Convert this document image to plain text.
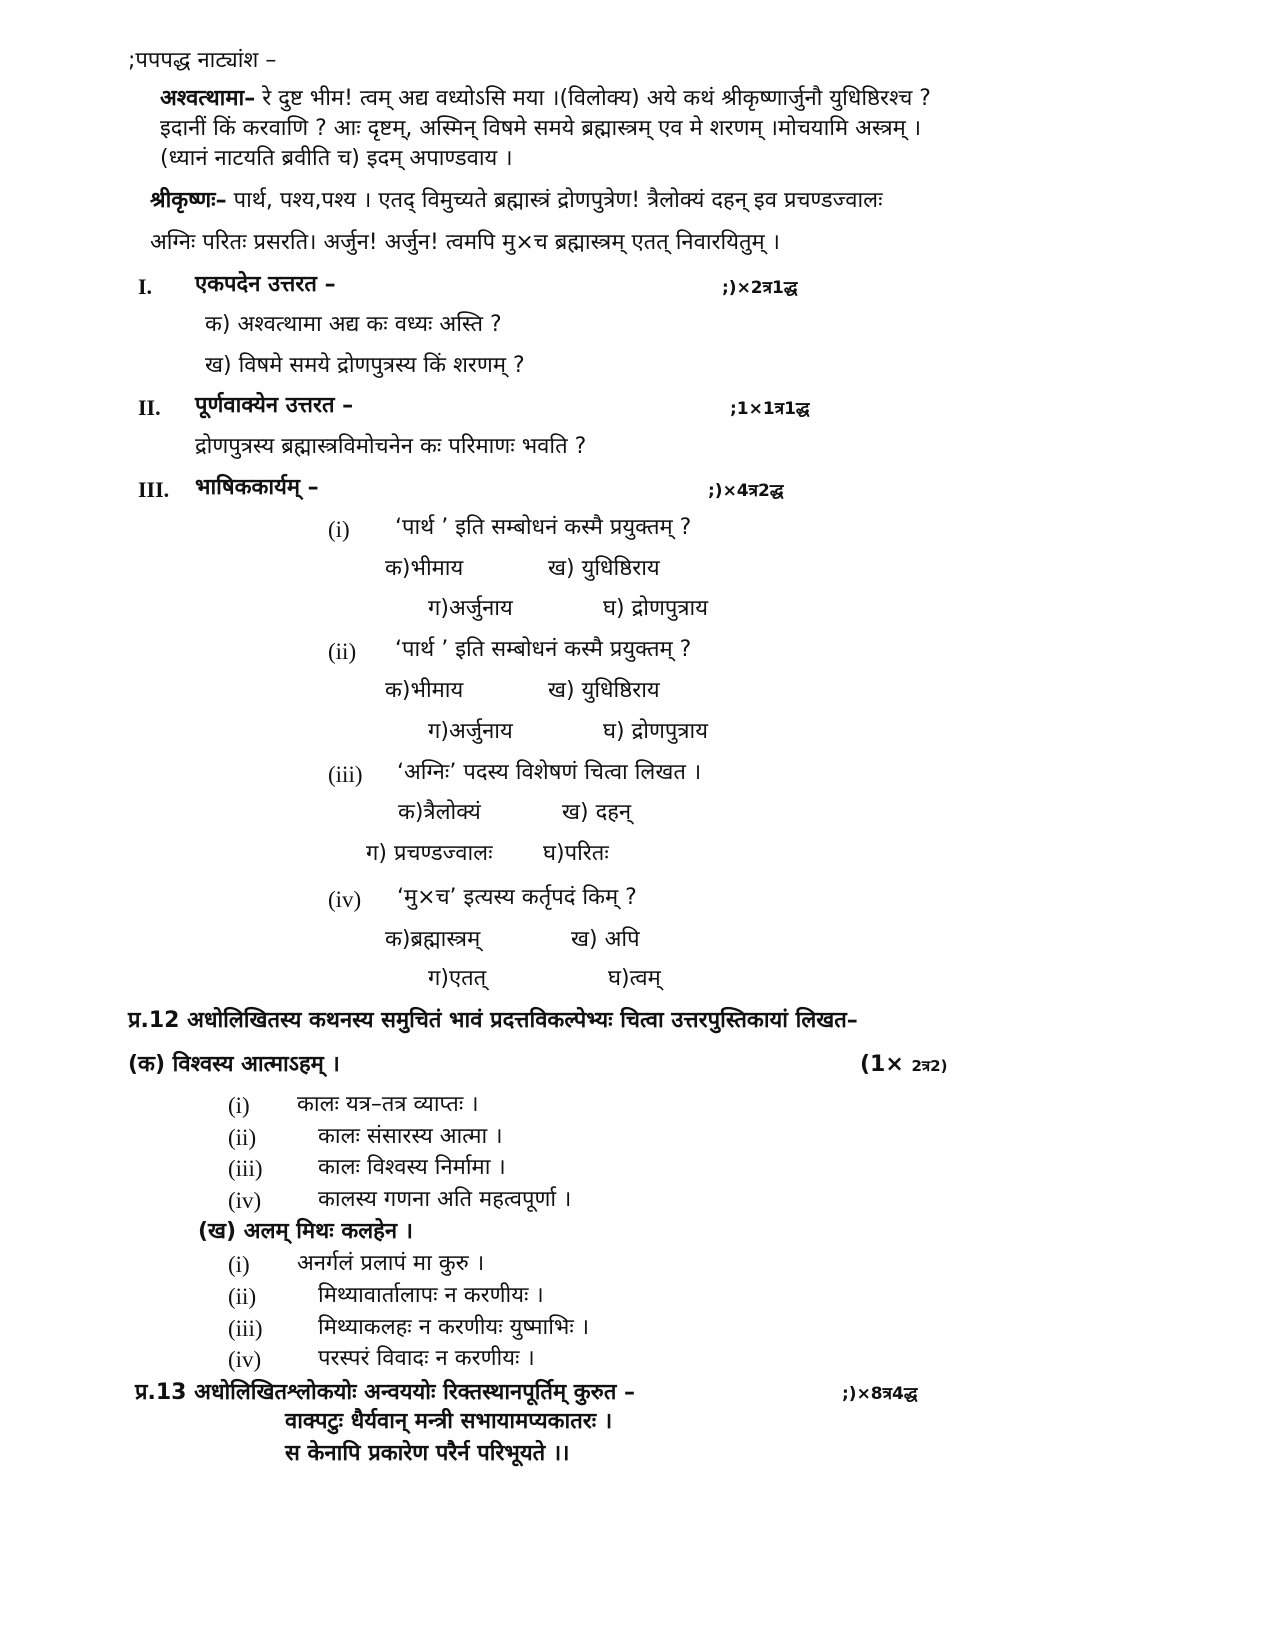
;पपपद्ध नाट्यांश –
अश्वत्थामा– रे दुष्ट भीम! त्वम् अद्य वध्योऽसि मया ।(विलोक्य) अये कथं श्रीकृष्णार्जुनौ युधिष्ठिरश्च ?
इदानीं किं करवाणि ? आः दृष्टम्, अस्मिन् विषमे समये ब्रह्मास्त्रम् एव मे शरणम् ।मोचयामि अस्त्रम् ।
(ध्यानं नाटयति ब्रवीति च) इदम् अपाण्डवाय ।
श्रीकृष्णः– पार्थ, पश्य,पश्य । एतद् विमुच्यते ब्रह्मास्त्रं द्रोणपुत्रेण! त्रैलोक्यं दहन् इव प्रचण्डज्वालः
अग्निः परितः प्रसरति। अर्जुन! अर्जुन! त्वमपि मु×च ब्रह्मास्त्रम् एतत् निवारयितुम् ।
I. एकपदेन उत्तरत –	;)×2त्र1द्ध
क) अश्वत्थामा अद्य कः वध्यः अस्ति ?
ख) विषमे समये द्रोणपुत्रस्य किं शरणम् ?
II. पूर्णवाक्येन उत्तरत –	;1×1त्र1द्ध
द्रोणपुत्रस्य ब्रह्मास्त्रविमोचनेन कः परिमाणः भवति ?
III. भाषिककार्यम् –	;)×4त्र2द्ध
(i) ‘पार्थ ’ इति सम्बोधनं कस्मै प्रयुक्तम् ?
क)भीमाय	ख) युधिष्ठिराय
ग)अर्जुनाय	घ) द्रोणपुत्राय
(ii) ‘पार्थ ’ इति सम्बोधनं कस्मै प्रयुक्तम् ?
क)भीमाय	ख) युधिष्ठिराय
ग)अर्जुनाय	घ) द्रोणपुत्राय
(iii) ‘अग्निः’ पदस्य विशेषणं चित्वा लिखत ।
क)त्रैलोक्यं	ख) दहन्
ग) प्रचण्डज्वालः घ)परितः
(iv) ‘मु×च’ इत्यस्य कर्तृपदं किम् ?
क)ब्रह्मास्त्रम्	ख) अपि
ग)एतत्	घ)त्वम्
प्र.12 अधोलिखितस्य कथनस्य समुचितं भावं प्रदत्तविकल्पेभ्यः चित्वा उत्तरपुस्तिकायां लिखत–
(क) विश्वस्य आत्माऽहम् ।	(1× 2त्र2)
(i) कालः यत्र–तत्र व्याप्तः ।
(ii)	कालः संसारस्य आत्मा ।
(iii)	कालः विश्वस्य निर्मामा ।
(iv)	कालस्य गणना अति महत्वपूर्णा ।
(ख) अलम् मिथः कलहेन ।
(i) अनर्गलं प्रलापं मा कुरु ।
(ii)	मिथ्यावार्तालापः न करणीयः ।
(iii)	मिथ्याकलहः न करणीयः युष्माभिः ।
(iv)	परस्परं विवादः न करणीयः ।
प्र.13 अधोलिखितश्लोकयोः अन्वययोः रिक्तस्थानपूर्तिम् कुरुत –	;)×8त्र4द्ध
वाक्पटुः धैर्यवान् मन्त्री सभायामप्यकातरः ।
स केनापि प्रकारेण परैर्न परिभूयते ।।
